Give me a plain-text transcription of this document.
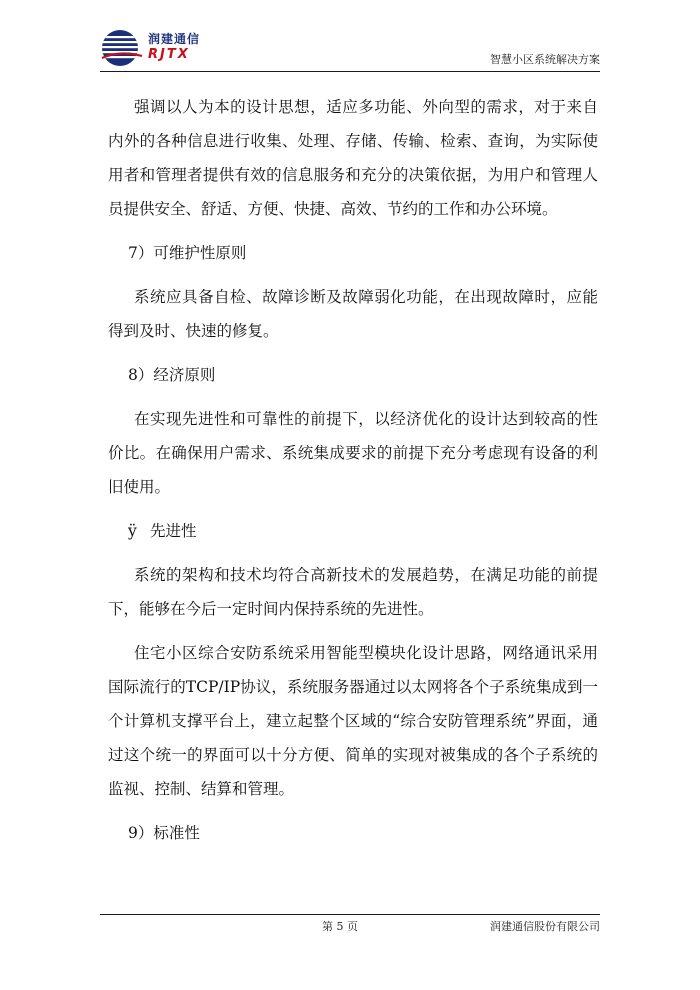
润建通信
RJTX	智慧小区系统解决方案

强调以人为本的设计思想，适应多功能、外向型的需求，对于来自内外的各种信息进行收集、处理、存储、传输、检索、查询，为实际使用者和管理者提供有效的信息服务和充分的决策依据，为用户和管理人员提供安全、舒适、方便、快捷、高效、节约的工作和办公环境。

7）可维护性原则

系统应具备自检、故障诊断及故障弱化功能，在出现故障时，应能得到及时、快速的修复。

8）经济原则

在实现先进性和可靠性的前提下，以经济优化的设计达到较高的性价比。在确保用户需求、系统集成要求的前提下充分考虑现有设备的利旧使用。

ÿ 先进性

系统的架构和技术均符合高新技术的发展趋势，在满足功能的前提下，能够在今后一定时间内保持系统的先进性。

住宅小区综合安防系统采用智能型模块化设计思路，网络通讯采用国际流行的TCP/IP协议，系统服务器通过以太网将各个子系统集成到一个计算机支撑平台上，建立起整个区域的“综合安防管理系统”界面，通过这个统一的界面可以十分方便、简单的实现对被集成的各个子系统的监视、控制、结算和管理。

9）标准性

第 5 页	润建通信股份有限公司
